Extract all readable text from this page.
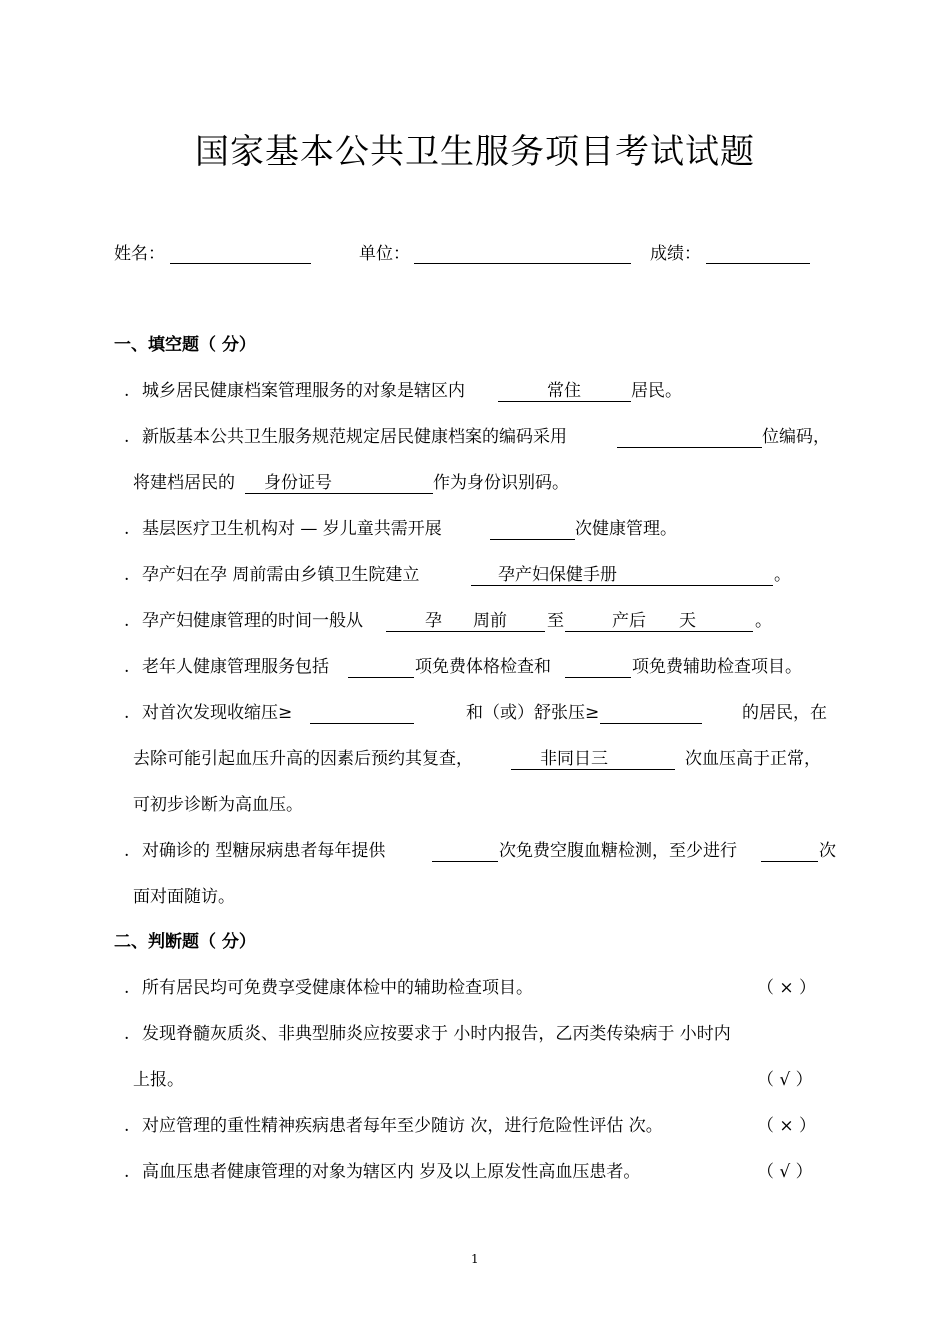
国家基本公共卫生服务项目考试试题
姓名：	单位：	成绩：
一、填空题（ 分）
. 城乡居民健康档案管理服务的对象是辖区内	常住	居民。
. 新版基本公共卫生服务规范规定居民健康档案的编码采用	位编码，
将建档居民的 身份证号	作为身份识别码。
. 基层医疗卫生机构对 — 岁儿童共需开展	次健康管理。
. 孕产妇在孕 周前需由乡镇卫生院建立	孕产妇保健手册	。
. 孕产妇健康管理的时间一般从	孕 周前 至	产后 天	。
. 老年人健康管理服务包括	项免费体格检查和	项免费辅助检查项目。
. 对首次发现收缩压≥	和（或）舒张压≥	的居民，在
去除可能引起血压升高的因素后预约其复查，	非同日三	次血压高于正常，
可初步诊断为高血压。
. 对确诊的 型糖尿病患者每年提供	次免费空腹血糖检测，至少进行	次
面对面随访。
二、判断题（ 分）
. 所有居民均可免费享受健康体检中的辅助检查项目。	（ × ）
. 发现脊髓灰质炎、非典型肺炎应按要求于 小时内报告，乙丙类传染病于 小时内
上报。	（ √ ）
. 对应管理的重性精神疾病患者每年至少随访 次，进行危险性评估 次。	（ × ）
. 高血压患者健康管理的对象为辖区内 岁及以上原发性高血压患者。	（ √ ）
1
